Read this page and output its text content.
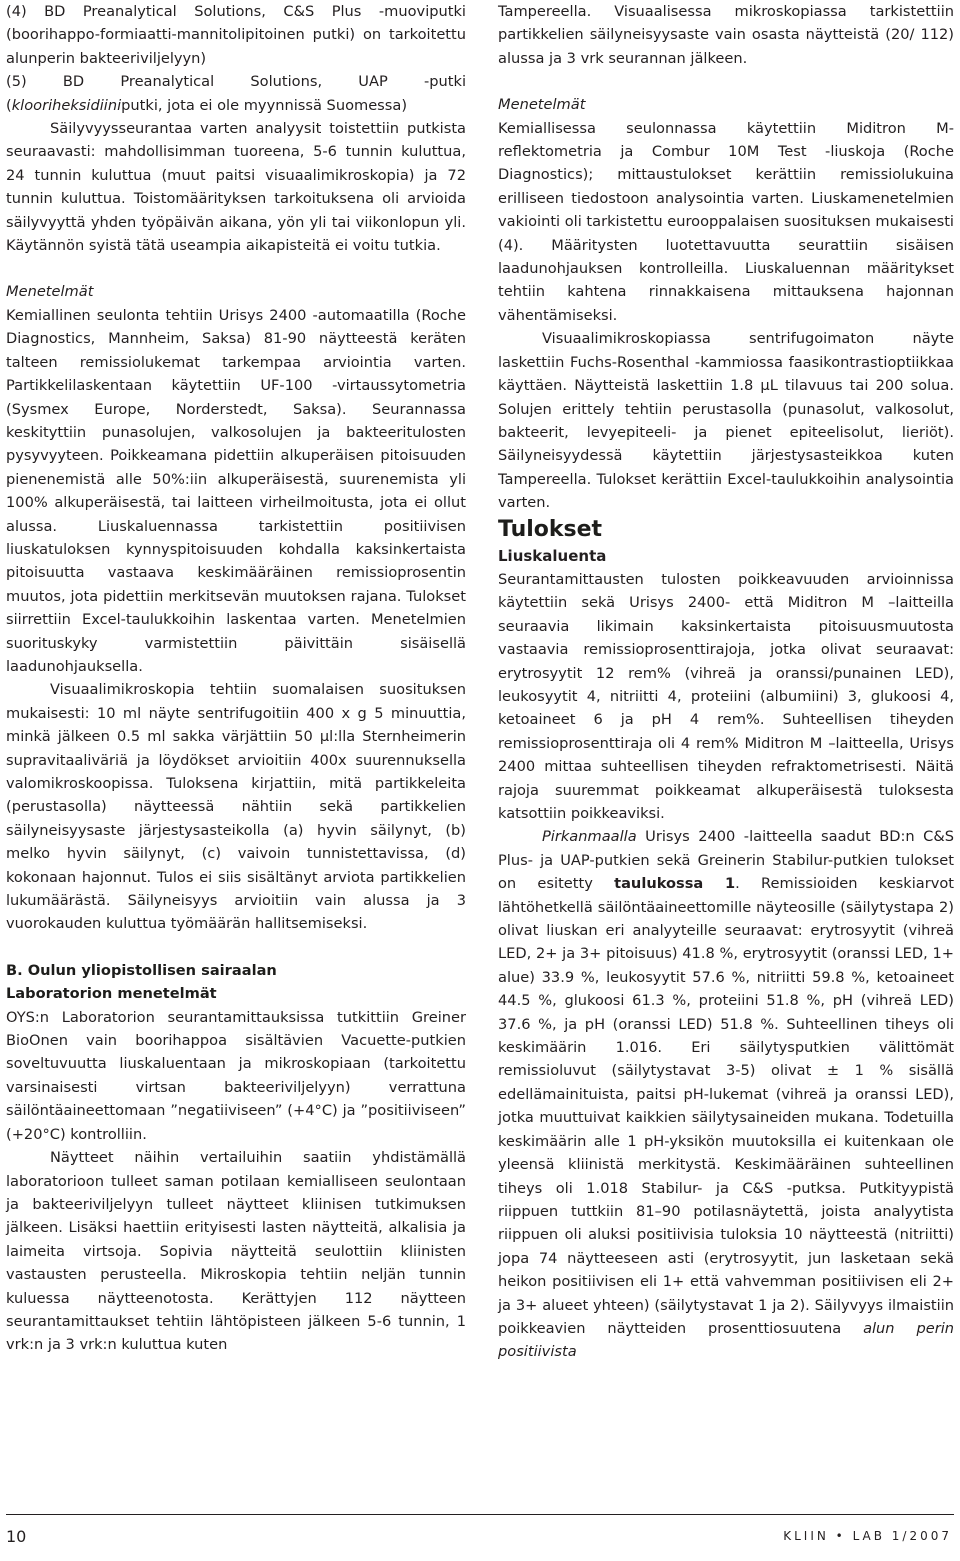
(4) BD Preanalytical Solutions, C&S Plus -muoviputki (boorihappo-formiaatti-mannitolipitoinen putki) on tarkoitettu alunperin bakteeriviljelyyn)

(5) BD Preanalytical Solutions, UAP -putki (klooriheksidiiniputki, jota ei ole myynnissä Suomessa)

Säilyvyysseurantaa varten analyysit toistettiin putkista seuraavasti: mahdollisimman tuoreena, 5-6 tunnin kuluttua, 24 tunnin kuluttua (muut paitsi visuaalimikroskopia) ja 72 tunnin kuluttua. Toistomäärityksen tarkoituksena oli arvioida säilyvyyttä yhden työpäivän aikana, yön yli tai viikonlopun yli. Käytännön syistä tätä useampia aikapisteitä ei voitu tutkia.

Menetelmät

Kemiallinen seulonta tehtiin Urisys 2400 -automaatilla (Roche Diagnostics, Mannheim, Saksa) 81-90 näytteestä keräten talteen remissiolukemat tarkempaa arviointia varten. Partikkelilaskentaan käytettiin UF-100 -virtaussytometria (Sysmex Europe, Norderstedt, Saksa). Seurannassa keskityttiin punasolujen, valkosolujen ja bakteeritulosten pysyvyyteen. Poikkeamana pidettiin alkuperäisen pitoisuuden pienenemistä alle 50%:iin alkuperäisestä, suurenemista yli 100% alkuperäisestä, tai laitteen virheilmoitusta, jota ei ollut alussa. Liuskaluennassa tarkistettiin positiivisen liuskatuloksen kynnyspitoisuuden kohdalla kaksinkertaista pitoisuutta vastaava keskimääräinen remissioprosentin muutos, jota pidettiin merkitsevän muutoksen rajana. Tulokset siirrettiin Excel-taulukkoihin laskentaa varten. Menetelmien suorituskyky varmistettiin päivittäin sisäisellä laadunohjauksella.

Visuaalimikroskopia tehtiin suomalaisen suosituksen mukaisesti: 10 ml näyte sentrifugoitiin 400 x g 5 minuuttia, minkä jälkeen 0.5 ml sakka värjättiin 50 µl:lla Sternheimerin supravitaaliväriä ja löydökset arvioitiin 400x suurennuksella valomikroskoopissa. Tuloksena kirjattiin, mitä partikkeleita (perustasolla) näytteessä nähtiin sekä partikkelien säilyneisyysaste järjestysasteikolla (a) hyvin säilynyt, (b) melko hyvin säilynyt, (c) vaivoin tunnistettavissa, (d) kokonaan hajonnut. Tulos ei siis sisältänyt arviota partikkelien lukumäärästä. Säilyneisyys arvioitiin vain alussa ja 3 vuorokauden kuluttua työmäärän hallitsemiseksi.

B. Oulun yliopistollisen sairaalan

Laboratorion menetelmät

OYS:n Laboratorion seurantamittauksissa tutkittiin Greiner BioOnen vain boorihappoa sisältävien Vacuette-putkien soveltuvuutta liuskaluentaan ja mikroskopiaan (tarkoitettu varsinaisesti virtsan bakteeriviljelyyn) verrattuna säilöntäaineettomaan ”negatiiviseen” (+4°C) ja ”positiiviseen” (+20°C) kontrolliin.

Näytteet näihin vertailuihin saatiin yhdistämällä laboratorioon tulleet saman potilaan kemialliseen seulontaan ja bakteeriviljelyyn tulleet näytteet kliinisen tutkimuksen jälkeen. Lisäksi haettiin erityisesti lasten näytteitä, alkalisia ja laimeita virtsoja. Sopivia näytteitä seulottiin kliinisten vastausten perusteella. Mikroskopia tehtiin neljän tunnin kuluessa näytteenotosta. Kerättyjen 112 näytteen seurantamittaukset tehtiin lähtöpisteen jälkeen 5-6 tunnin, 1 vrk:n ja 3 vrk:n kuluttua kuten

Tampereella. Visuaalisessa mikroskopiassa tarkistettiin partikkelien säilyneisyysaste vain osasta näytteistä (20/ 112) alussa ja 3 vrk seurannan jälkeen.

Menetelmät

Kemiallisessa seulonnassa käytettiin Miditron M-reflektometria ja Combur 10M Test -liuskoja (Roche Diagnostics); mittaustulokset kerättiin remissiolukuina erilliseen tiedostoon analysointia varten. Liuskamenetelmien vakiointi oli tarkistettu eurooppalaisen suosituksen mukaisesti (4). Määritysten luotettavuutta seurattiin sisäisen laadunohjauksen kontrolleilla. Liuskaluennan määritykset tehtiin kahtena rinnakkaisena mittauksena hajonnan vähentämiseksi.

Visuaalimikroskopiassa sentrifugoimaton näyte laskettiin Fuchs-Rosenthal -kammiossa faasikontrastioptiikkaa käyttäen. Näytteistä laskettiin 1.8 µL tilavuus tai 200 solua. Solujen erittely tehtiin perustasolla (punasolut, valkosolut, bakteerit, levyepiteeli- ja pienet epiteelisolut, lieriöt). Säilyneisyydessä käytettiin järjestysasteikkoa kuten Tampereella. Tulokset kerättiin Excel-taulukkoihin analysointia varten.

Tulokset

Liuskaluenta

Seurantamittausten tulosten poikkeavuuden arvioinnissa käytettiin sekä Urisys 2400- että Miditron M –laitteilla seuraavia likimain kaksinkertaista pitoisuusmuutosta vastaavia remissioprosenttirajoja, jotka olivat seuraavat: erytrosyytit 12 rem% (vihreä ja oranssi/punainen LED), leukosyytit 4, nitriitti 4, proteiini (albumiini) 3, glukoosi 4, ketoaineet 6 ja pH 4 rem%. Suhteellisen tiheyden remissioprosenttiraja oli 4 rem% Miditron M –laitteella, Urisys 2400 mittaa suhteellisen tiheyden refraktometrisesti. Näitä rajoja suuremmat poikkeamat alkuperäisestä tuloksesta katsottiin poikkeaviksi.

Pirkanmaalla Urisys 2400 -laitteella saadut BD:n C&S Plus- ja UAP-putkien sekä Greinerin Stabilur-putkien tulokset on esitetty taulukossa 1. Remissioiden keskiarvot lähtöhetkellä säilöntäaineettomille näyteosille (säilytystapa 2) olivat liuskan eri analyyteille seuraavat: erytrosyytit (vihreä LED, 2+ ja 3+ pitoisuus) 41.8 %, erytrosyytit (oranssi LED, 1+ alue) 33.9 %, leukosyytit 57.6 %, nitriitti 59.8 %, ketoaineet 44.5 %, glukoosi 61.3 %, proteiini 51.8 %, pH (vihreä LED) 37.6 %, ja pH (oranssi LED) 51.8 %. Suhteellinen tiheys oli keskimäärin 1.016. Eri säilytysputkien välittömät remissioluvut (säilytystavat 3-5) olivat ± 1 % sisällä edellämainituista, paitsi pH-lukemat (vihreä ja oranssi LED), jotka muuttuivat kaikkien säilytysaineiden mukana. Todetuilla keskimäärin alle 1 pH-yksikön muutoksilla ei kuitenkaan ole yleensä kliinistä merkitystä. Keskimääräinen suhteellinen tiheys oli 1.018 Stabilur- ja C&S -putksa. Putkityypistä riippuen tuttkiin 81–90 potilasnäytettä, joista analyytista riippuen oli aluksi positiivisia tuloksia 10 näytteestä (nitriitti) jopa 74 näytteeseen asti (erytrosyytit, jun lasketaan sekä heikon positiivisen eli 1+ että vahvemman positiivisen eli 2+ ja 3+ alueet yhteen) (säilytystavat 1 ja 2). Säilyvyys ilmaistiin poikkeavien näytteiden prosenttiosuutena alun perin positiivista

10	KLIIN • LAB 1/2007
